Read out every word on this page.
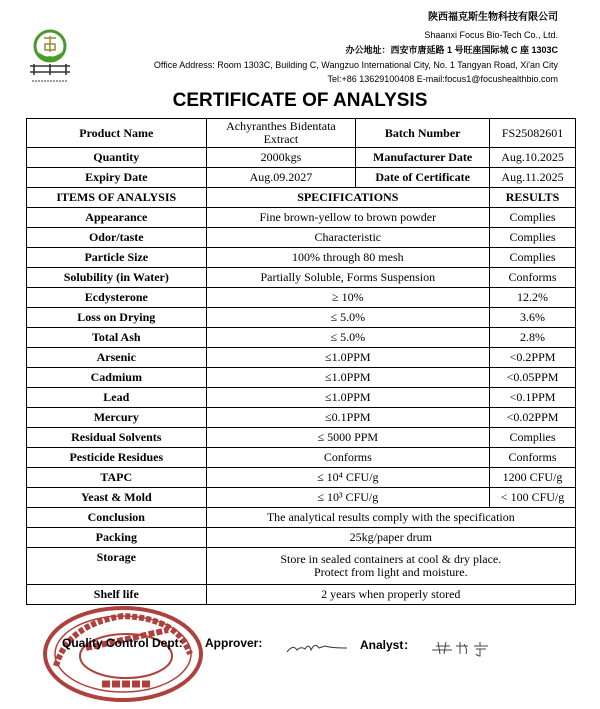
陕西福克斯生物科技有限公司
Shaanxi Focus Bio-Tech Co., Ltd.
办公地址：西安市唐延路 1 号旺座国际城 C 座 1303C
Office Address: Room 1303C, Building C, Wangzuo International City, No. 1 Tangyan Road, Xi'an City
Tel:+86 13629100408 E-mail:focus1@focushealthbio.com
CERTIFICATE OF ANALYSIS
Product Name	Achyranthes Bidentata Extract	Batch Number	FS25082601
Quantity	2000kgs	Manufacturer Date	Aug.10.2025
Expiry Date	Aug.09.2027	Date of Certificate	Aug.11.2025
ITEMS OF ANALYSIS	SPECIFICATIONS		RESULTS
Appearance	Fine brown-yellow to brown powder		Complies
Odor/taste	Characteristic		Complies
Particle Size	100% through 80 mesh		Complies
Solubility (in Water)	Partially Soluble, Forms Suspension		Conforms
Ecdysterone	≥ 10%		12.2%
Loss on Drying	≤ 5.0%		3.6%
Total Ash	≤ 5.0%		2.8%
Arsenic	≤1.0PPM		<0.2PPM
Cadmium	≤1.0PPM		<0.05PPM
Lead	≤1.0PPM		<0.1PPM
Mercury	≤0.1PPM		<0.02PPM
Residual Solvents	≤ 5000 PPM		Complies
Pesticide Residues	Conforms		Conforms
TAPC	≤ 10⁴ CFU/g		1200 CFU/g
Yeast & Mold	≤ 10³ CFU/g		< 100 CFU/g
Conclusion	The analytical results comply with the specification		
Packing	25kg/paper drum		
Storage	Store in sealed containers at cool & dry place.
Protect from light and moisture.		

Shelf life	2 years when properly stored		
Quality Control Dept: Approver:	Analyst：
